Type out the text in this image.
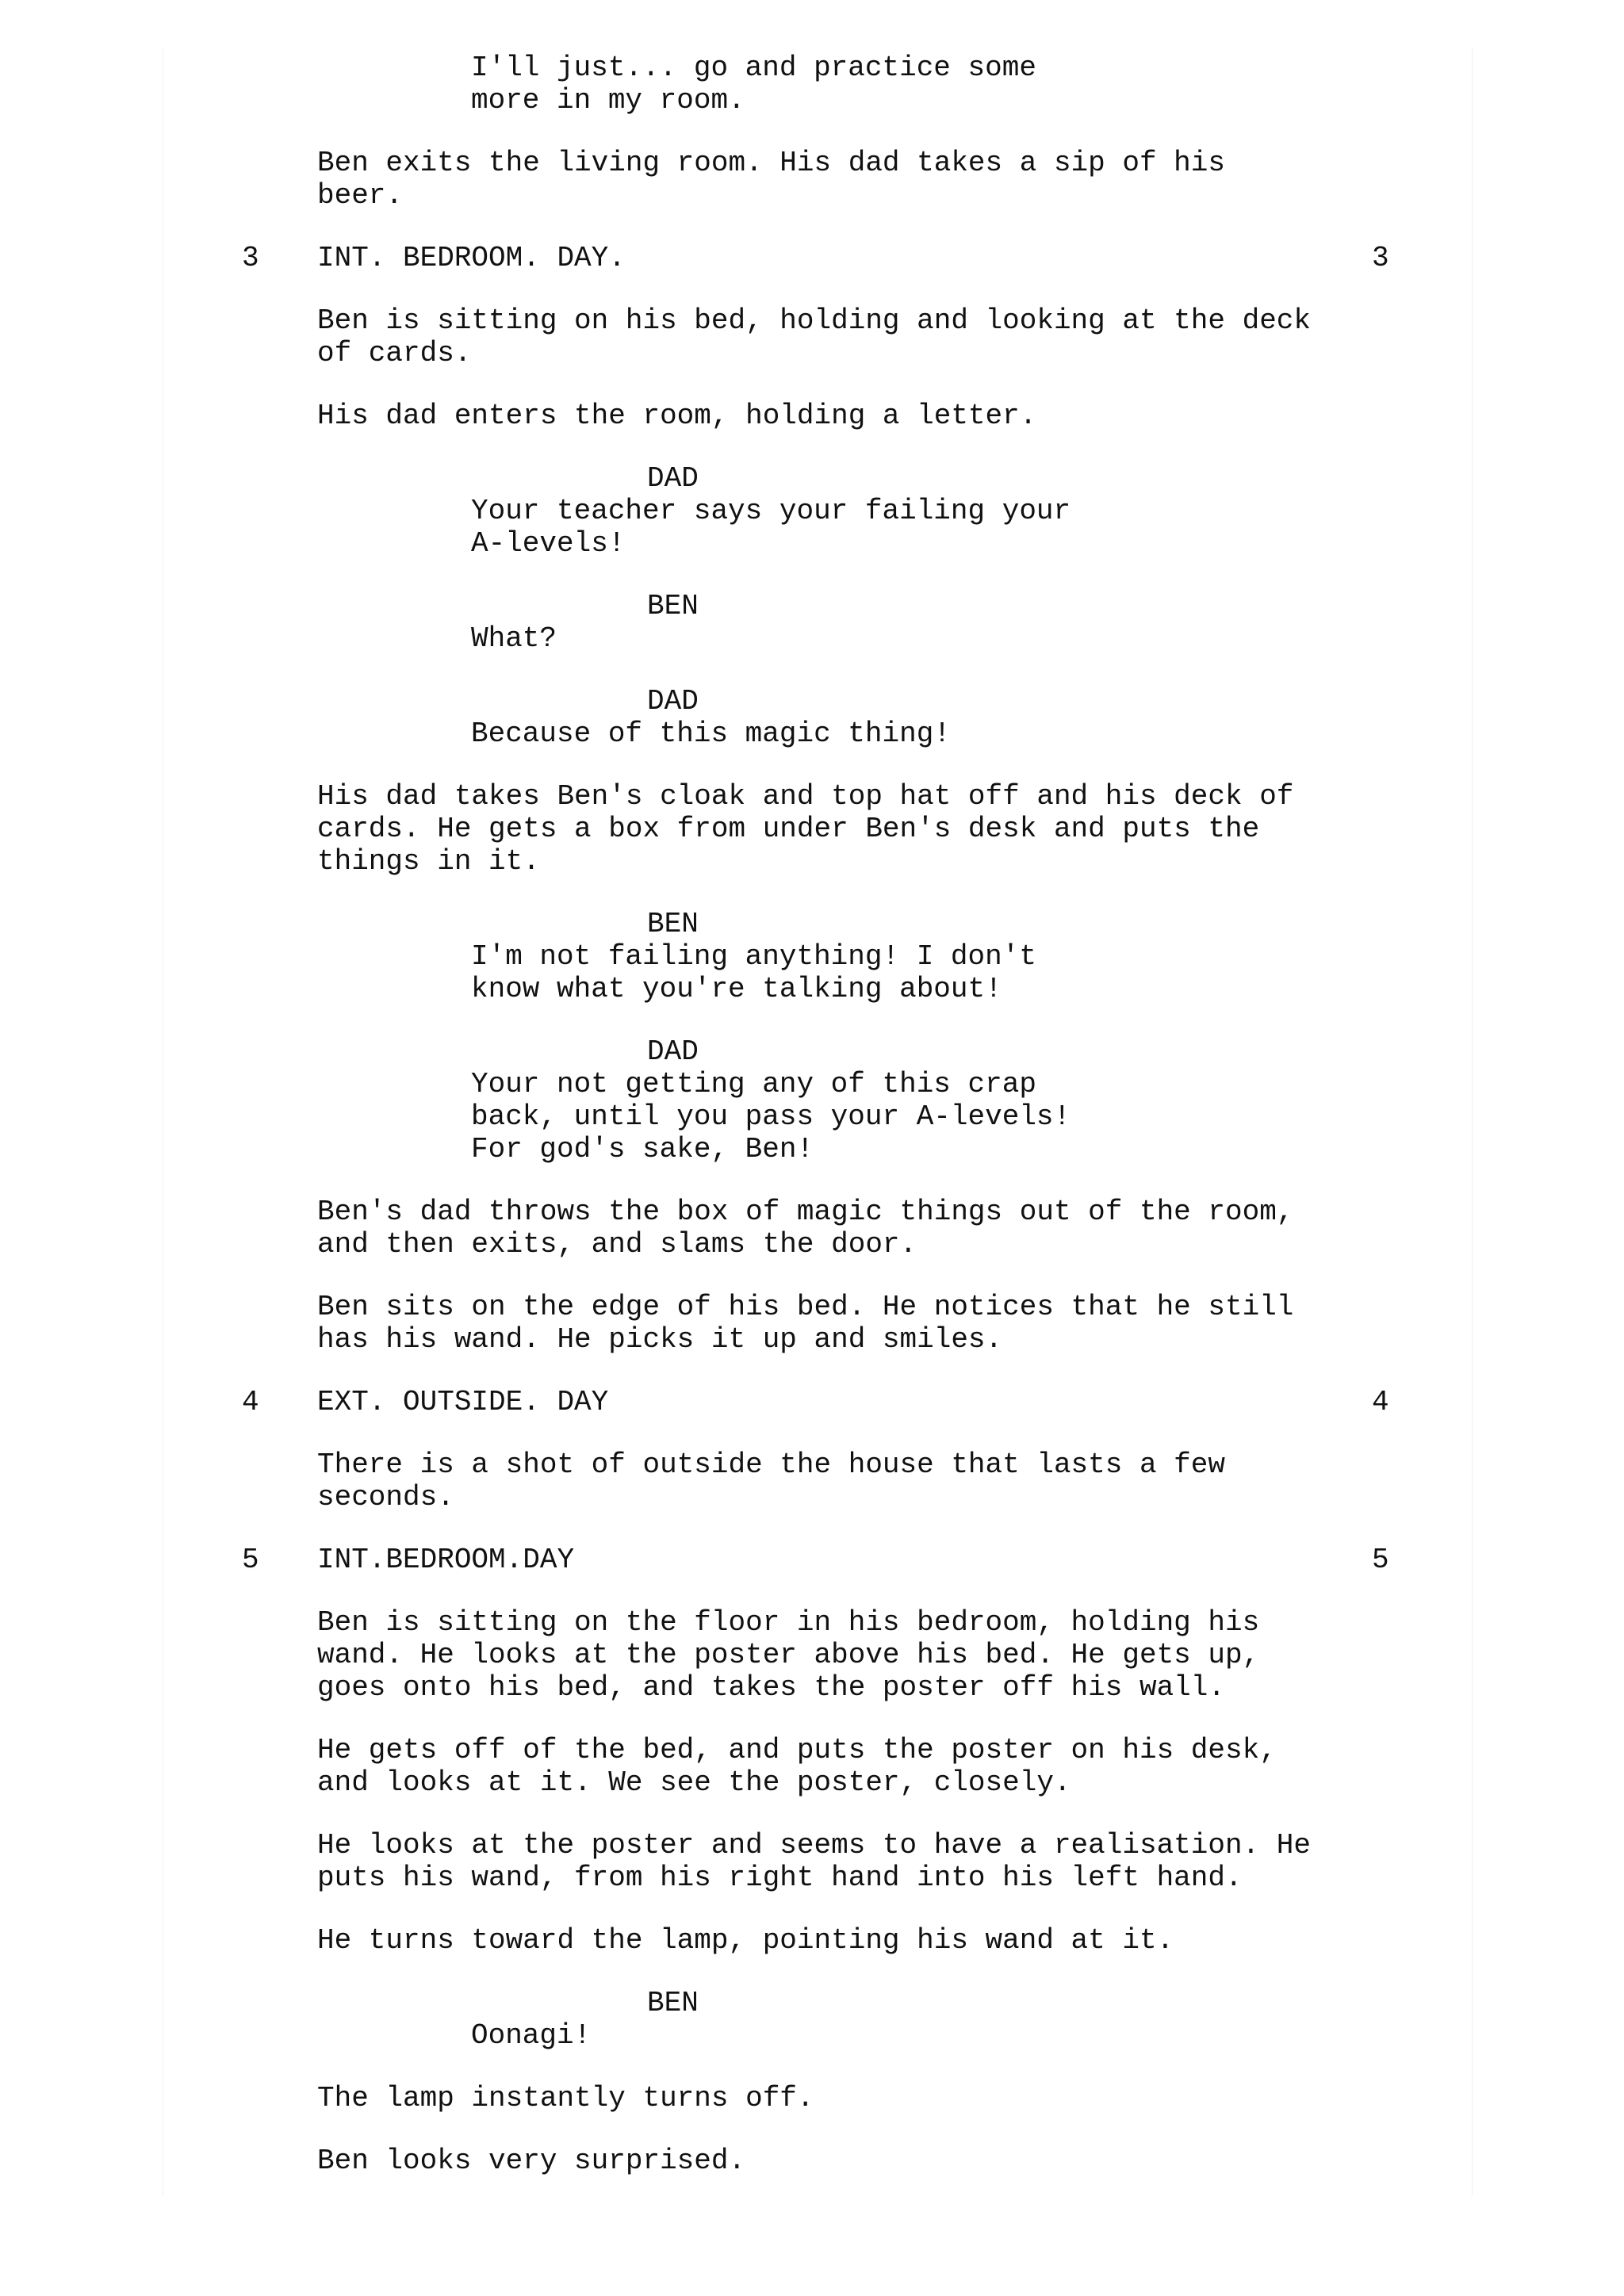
I'll just... go and practice some
more in my room.
Ben exits the living room. His dad takes a sip of his
beer.
3 INT. BEDROOM. DAY.	3
Ben is sitting on his bed, holding and looking at the deck
of cards.
His dad enters the room, holding a letter.
DAD
Your teacher says your failing your
A-levels!
BEN
What?
DAD
Because of this magic thing!
His dad takes Ben's cloak and top hat off and his deck of
cards. He gets a box from under Ben's desk and puts the
things in it.
BEN
I'm not failing anything! I don't
know what you're talking about!
DAD
Your not getting any of this crap
back, until you pass your A-levels!
For god's sake, Ben!
Ben's dad throws the box of magic things out of the room,
and then exits, and slams the door.
Ben sits on the edge of his bed. He notices that he still
has his wand. He picks it up and smiles.
4 EXT. OUTSIDE. DAY	4
There is a shot of outside the house that lasts a few
seconds.
5 INT.BEDROOM.DAY	5
Ben is sitting on the floor in his bedroom, holding his
wand. He looks at the poster above his bed. He gets up,
goes onto his bed, and takes the poster off his wall.
He gets off of the bed, and puts the poster on his desk,
and looks at it. We see the poster, closely.
He looks at the poster and seems to have a realisation. He
puts his wand, from his right hand into his left hand.
He turns toward the lamp, pointing his wand at it.
BEN
Oonagi!
The lamp instantly turns off.
Ben looks very surprised.
